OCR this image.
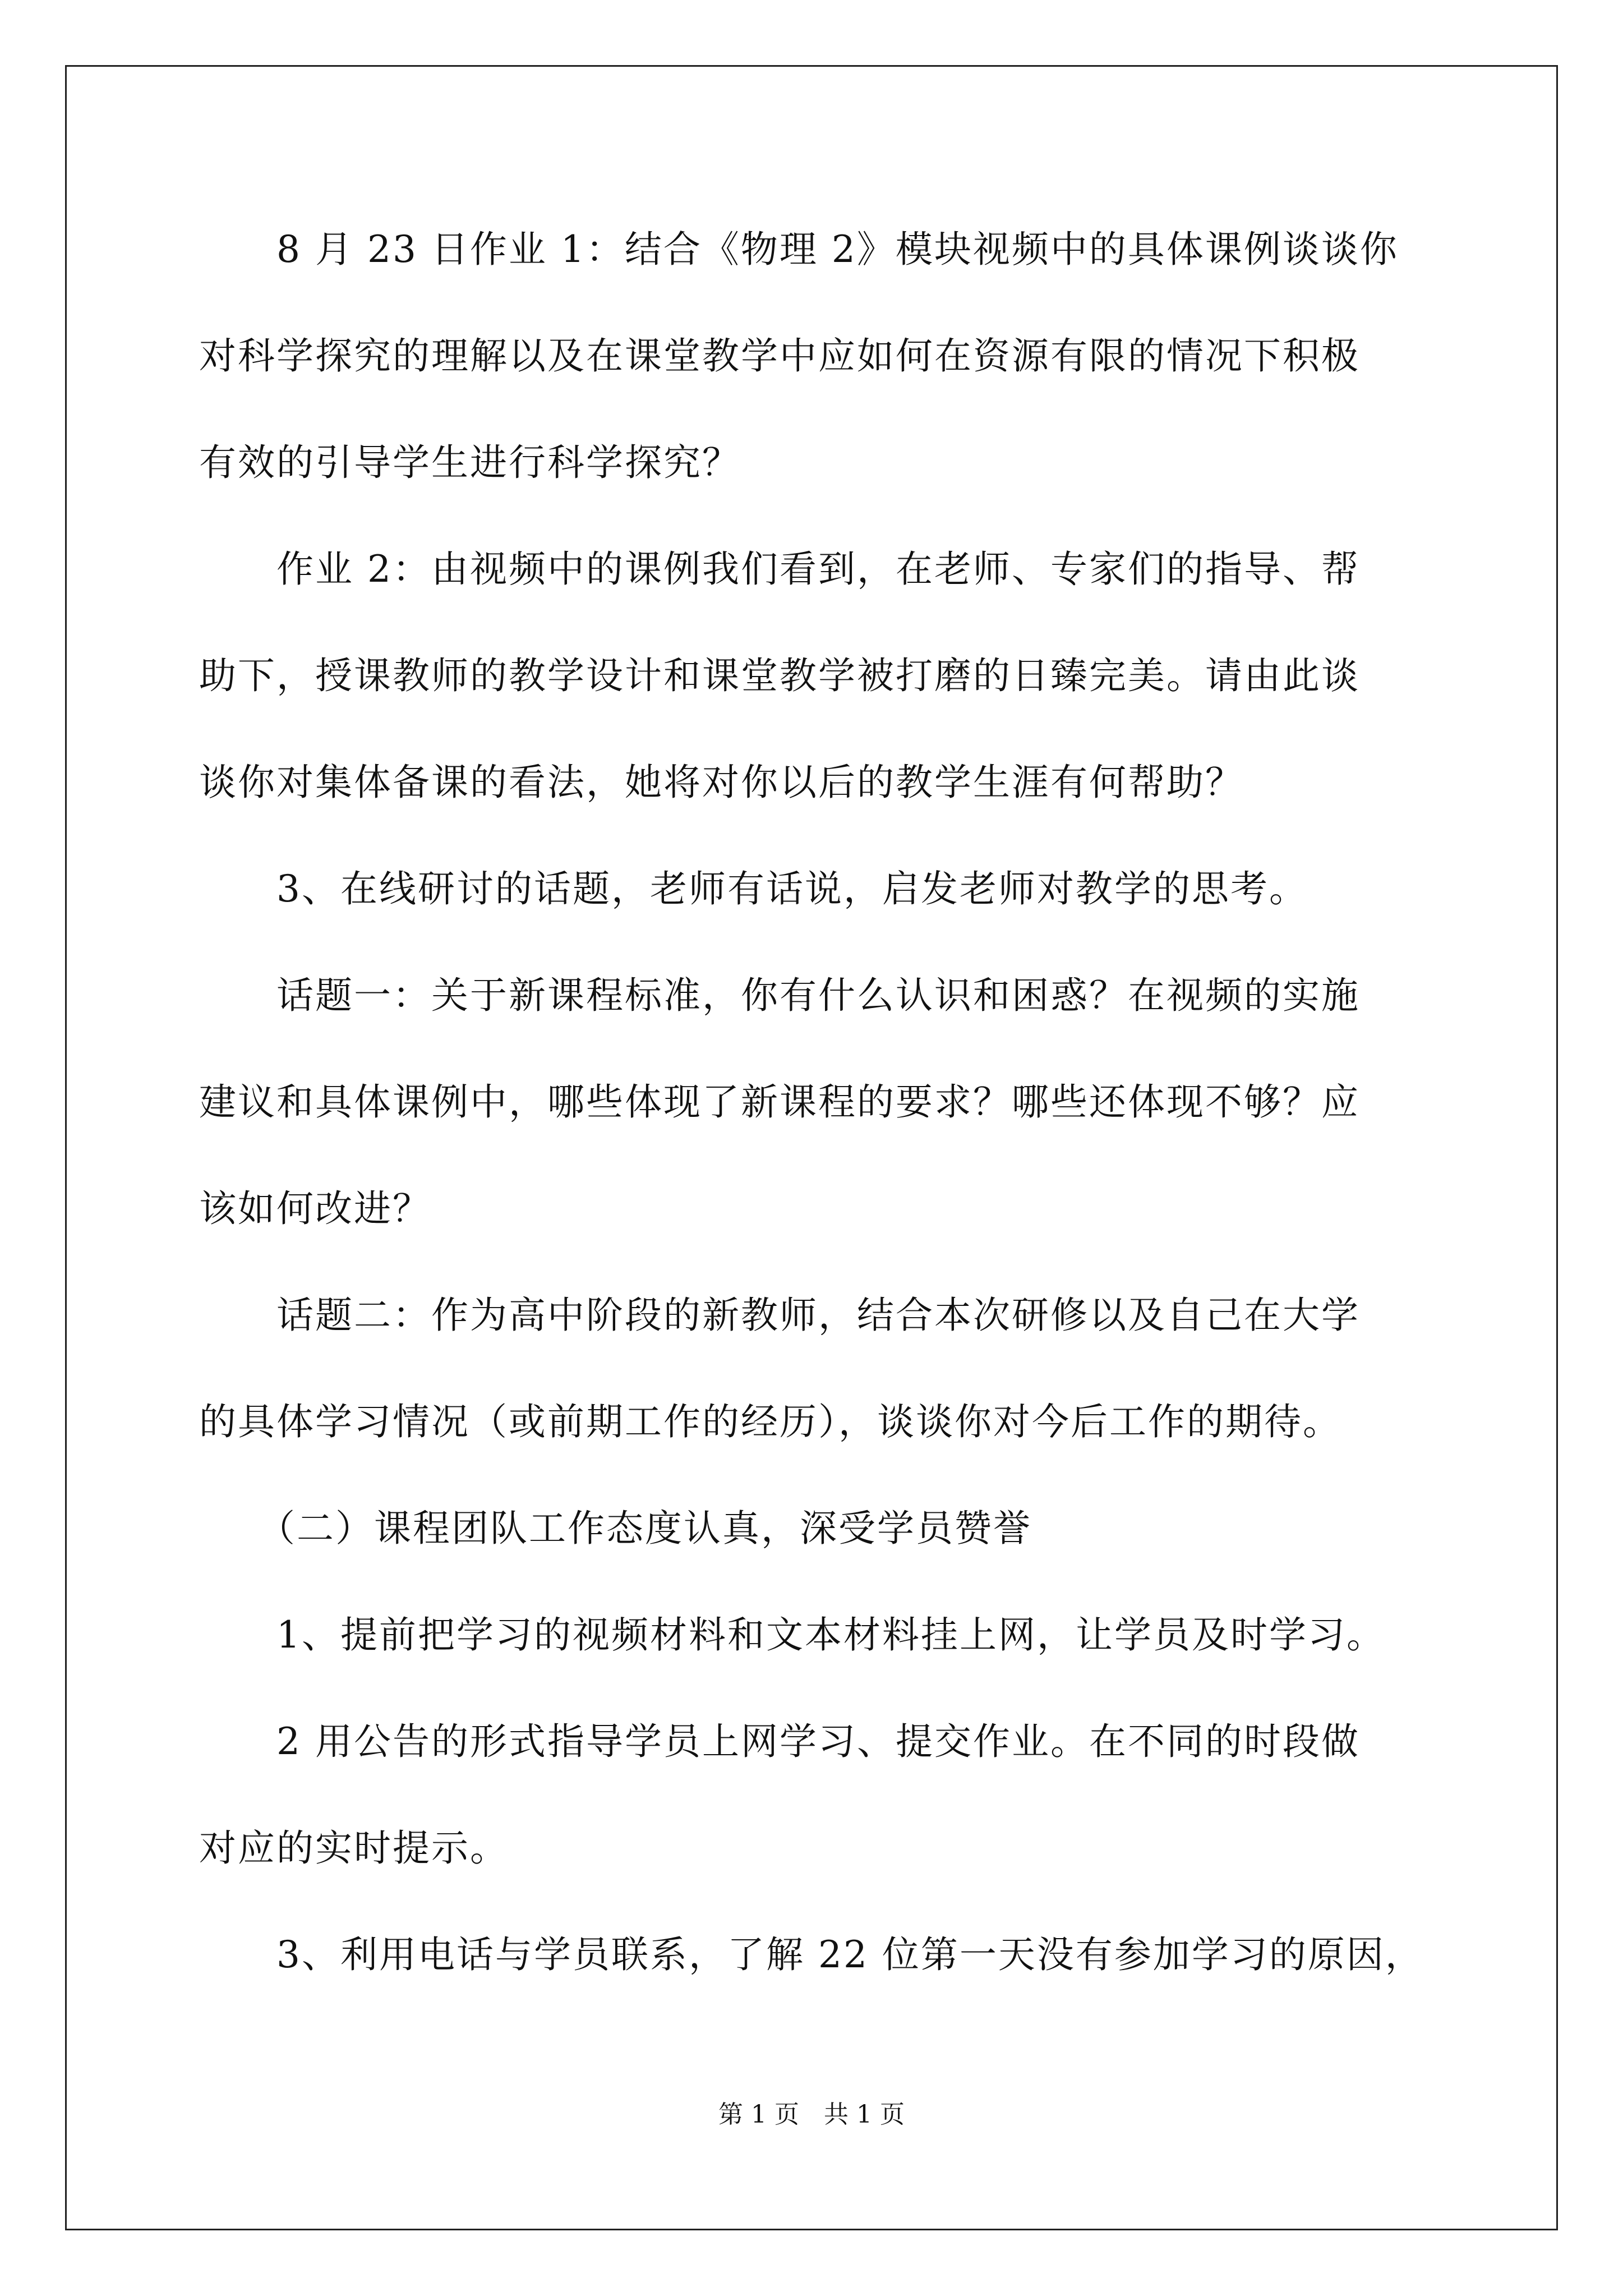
　　8 月 23 日作业 1：结合《物理 2》模块视频中的具体课例谈谈你
对科学探究的理解以及在课堂教学中应如何在资源有限的情况下积极
有效的引导学生进行科学探究？
　　作业 2：由视频中的课例我们看到，在老师、专家们的指导、帮
助下，授课教师的教学设计和课堂教学被打磨的日臻完美。请由此谈
谈你对集体备课的看法，她将对你以后的教学生涯有何帮助？
　　3、在线研讨的话题，老师有话说，启发老师对教学的思考。
　　话题一：关于新课程标准，你有什么认识和困惑？在视频的实施
建议和具体课例中，哪些体现了新课程的要求？哪些还体现不够？应
该如何改进？
　　话题二：作为高中阶段的新教师，结合本次研修以及自己在大学
的具体学习情况（或前期工作的经历），谈谈你对今后工作的期待。
　　（二）课程团队工作态度认真，深受学员赞誉
　　1、提前把学习的视频材料和文本材料挂上网，让学员及时学习。
　　2 用公告的形式指导学员上网学习、提交作业。在不同的时段做
对应的实时提示。
　　3、利用电话与学员联系，了解 22 位第一天没有参加学习的原因，
第 1 页　共 1 页
